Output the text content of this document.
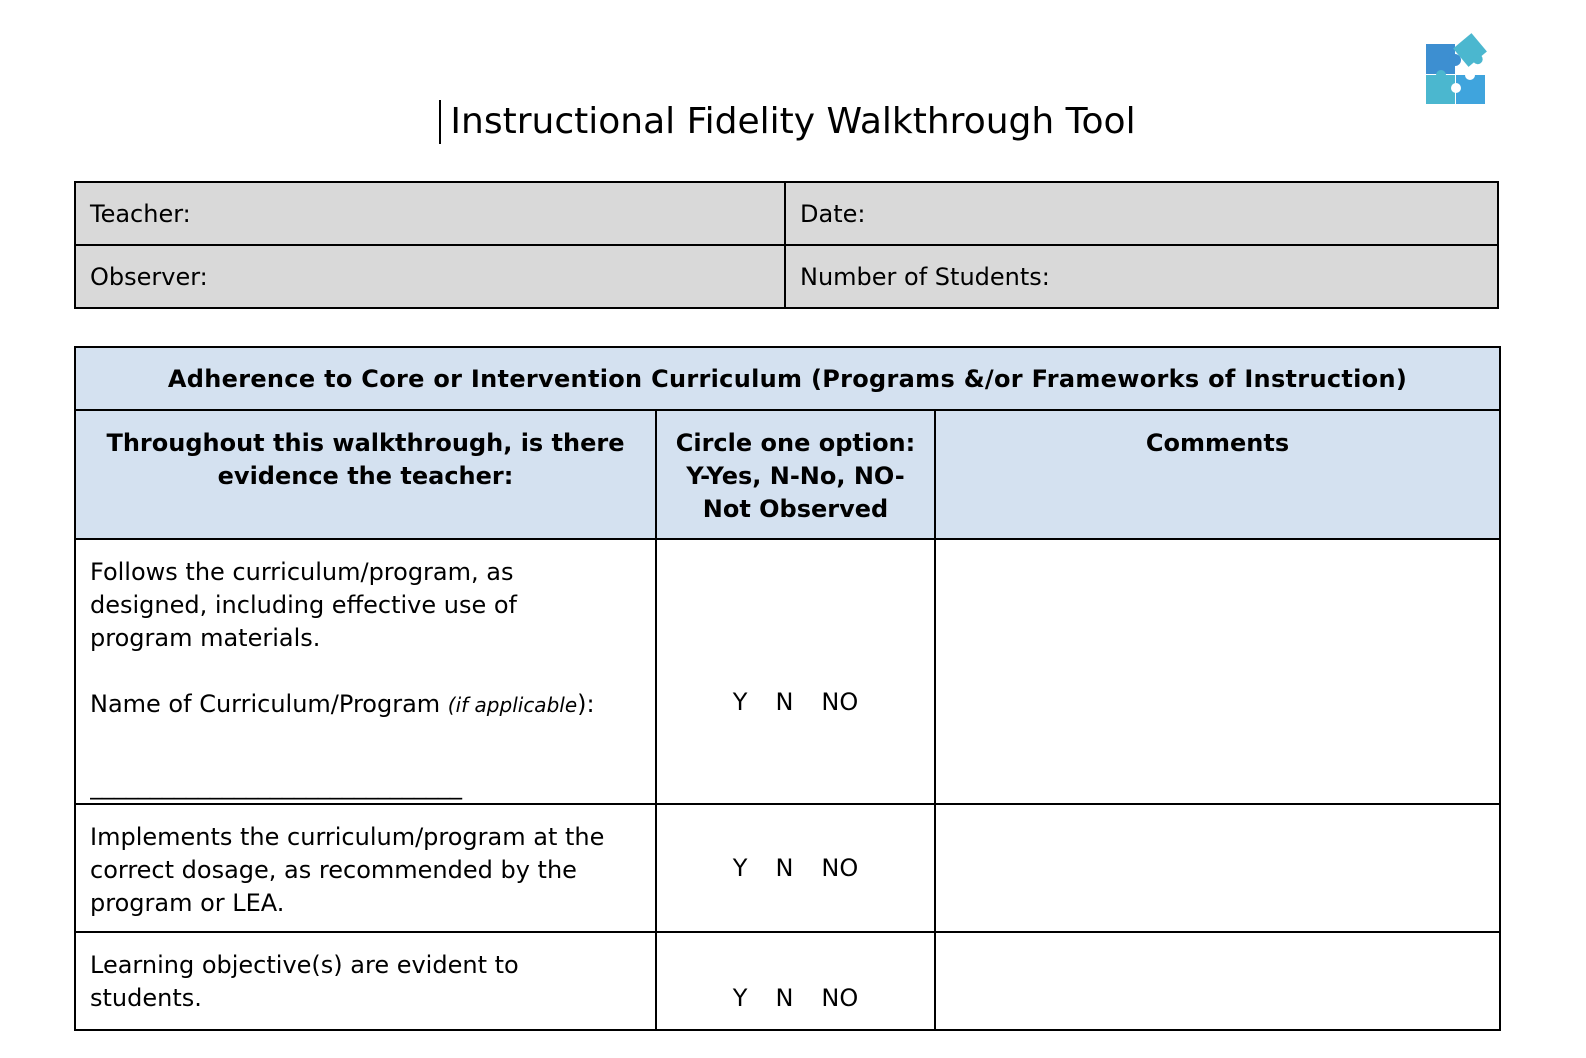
Instructional Fidelity Walkthrough Tool
Teacher:	Date:
Observer:	Number of Students:
Adherence to Core or Intervention Curriculum (Programs &/or Frameworks of Instruction)		
Throughout this walkthrough, is there evidence the teacher:	Circle one option: Y-Yes, N-No, NO-Not Observed	Comments

Follows the curriculum/program, as designed, including effective use of program materials.
Name of Curriculum/Program (if applicable):
_______________________________	Y N NO	

Implements the curriculum/program at the correct dosage, as recommended by the program or LEA.	Y N NO	

Learning objective(s) are evident to students.	Y N NO	
